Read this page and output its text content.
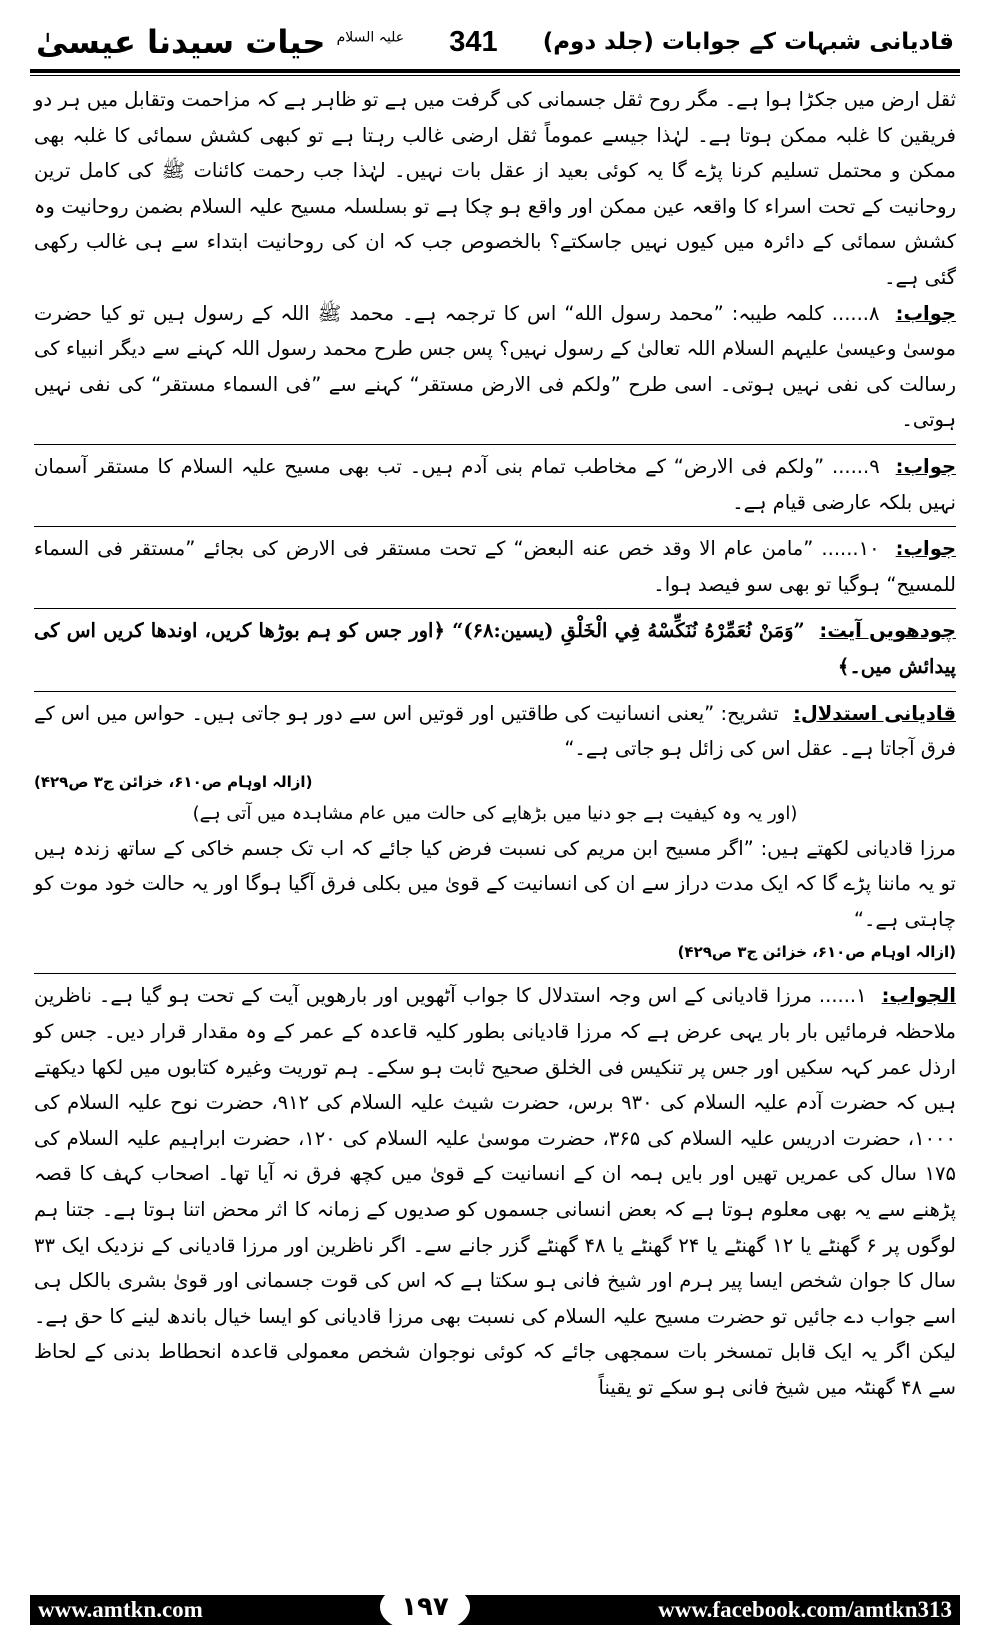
$^{علیہ السلام}$ حیات سیدنا عیسیٰ	341 قادیانی شبہات کے جوابات (جلد دوم)

ثقل ارض میں جکڑا ہوا ہے۔ مگر روح ثقل جسمانی کی گرفت میں ہے تو ظاہر ہے کہ مزاحمت وتقابل میں ہر دو فریقین کا غلبہ ممکن ہوتا ہے۔ لہٰذا جیسے عموماً ثقل ارضی غالب رہتا ہے تو کبھی کشش سمائی کا غلبہ بھی ممکن و محتمل تسلیم کرنا پڑے گا یہ کوئی بعید از عقل بات نہیں۔ لہٰذا جب رحمت کائنات ﷺ کی کامل ترین روحانیت کے تحت اسراء کا واقعہ عین ممکن اور واقع ہو چکا ہے تو بسلسلہ مسیح علیہ السلام بضمن روحانیت وہ کشش سمائی کے دائرہ میں کیوں نہیں جاسکتے؟ بالخصوص جب کہ ان کی روحانیت ابتداء سے ہی غالب رکھی گئی ہے۔

جواب: ۸...... کلمہ طیبہ: ”محمد رسول الله“ اس کا ترجمہ ہے۔ محمد ﷺ اللہ کے رسول ہیں تو کیا حضرت موسیٰ وعیسیٰ علیہم السلام اللہ تعالیٰ کے رسول نہیں؟ پس جس طرح محمد رسول اللہ کہنے سے دیگر انبیاء کی رسالت کی نفی نہیں ہوتی۔ اسی طرح ”ولکم فی الارض مستقر“ کہنے سے ”فی السماء مستقر“ کی نفی نہیں ہوتی۔

جواب: ۹...... ”ولکم فی الارض“ کے مخاطب تمام بنی آدم ہیں۔ تب بھی مسیح علیہ السلام کا مستقر آسمان نہیں بلکہ عارضی قیام ہے۔

جواب: ۱۰...... ”مامن عام الا وقد خص عنه البعض“ کے تحت مستقر فی الارض کی بجائے ”مستقر فی السماء للمسیح“ ہوگیا تو بھی سو فیصد ہوا۔

چودھویں آیت: ”وَمَنْ نُعَمِّرْهُ نُنَكِّسْهُ فِي الْخَلْقِ (یسین:۶۸)“ ﴿اور جس کو ہم بوڑھا کریں، اوندھا کریں اس کی پیدائش میں۔﴾

قادیانی استدلال: تشریح: ”یعنی انسانیت کی طاقتیں اور قوتیں اس سے دور ہو جاتی ہیں۔ حواس میں اس کے فرق آجاتا ہے۔ عقل اس کی زائل ہو جاتی ہے۔“

(ازالہ اوہام ص۶۱۰، خزائن ج۳ ص۴۲۹)

(اور یہ وہ کیفیت ہے جو دنیا میں بڑھاپے کی حالت میں عام مشاہدہ میں آتی ہے)

مرزا قادیانی لکھتے ہیں: ”اگر مسیح ابن مریم کی نسبت فرض کیا جائے کہ اب تک جسم خاکی کے ساتھ زندہ ہیں تو یہ ماننا پڑے گا کہ ایک مدت دراز سے ان کی انسانیت کے قویٰ میں بکلی فرق آگیا ہوگا اور یہ حالت خود موت کو چاہتی ہے۔“

(ازالہ اوہام ص۶۱۰، خزائن ج۳ ص۴۲۹)

الجواب: ۱...... مرزا قادیانی کے اس وجہ استدلال کا جواب آٹھویں اور بارھویں آیت کے تحت ہو گیا ہے۔ ناظرین ملاحظہ فرمائیں بار بار یہی عرض ہے کہ مرزا قادیانی بطور کلیہ قاعدہ کے عمر کے وہ مقدار قرار دیں۔ جس کو ارذل عمر کہہ سکیں اور جس پر تنکیس فی الخلق صحیح ثابت ہو سکے۔ ہم توریت وغیرہ کتابوں میں لکھا دیکھتے ہیں کہ حضرت آدم علیہ السلام کی ۹۳۰ برس، حضرت شیث علیہ السلام کی ۹۱۲، حضرت نوح علیہ السلام کی ۱۰۰۰، حضرت ادریس علیہ السلام کی ۳۶۵، حضرت موسیٰ علیہ السلام کی ۱۲۰، حضرت ابراہیم علیہ السلام کی ۱۷۵ سال کی عمریں تھیں اور بایں ہمہ ان کے انسانیت کے قویٰ میں کچھ فرق نہ آیا تھا۔ اصحاب کہف کا قصہ پڑھنے سے یہ بھی معلوم ہوتا ہے کہ بعض انسانی جسموں کو صدیوں کے زمانہ کا اثر محض اتنا ہوتا ہے۔ جتنا ہم لوگوں پر ۶ گھنٹے یا ۱۲ گھنٹے یا ۲۴ گھنٹے یا ۴۸ گھنٹے گزر جانے سے۔ اگر ناظرین اور مرزا قادیانی کے نزدیک ایک ۳۳ سال کا جوان شخص ایسا پیر ہرم اور شیخ فانی ہو سکتا ہے کہ اس کی قوت جسمانی اور قویٰ بشری بالکل ہی اسے جواب دے جائیں تو حضرت مسیح علیہ السلام کی نسبت بھی مرزا قادیانی کو ایسا خیال باندھ لینے کا حق ہے۔ لیکن اگر یہ ایک قابل تمسخر بات سمجھی جائے کہ کوئی نوجوان شخص معمولی قاعدہ انحطاط بدنی کے لحاظ سے ۴۸ گھنٹہ میں شیخ فانی ہو سکے تو یقیناً

www.amtkn.com	۱۹۷	www.facebook.com/amtkn313
